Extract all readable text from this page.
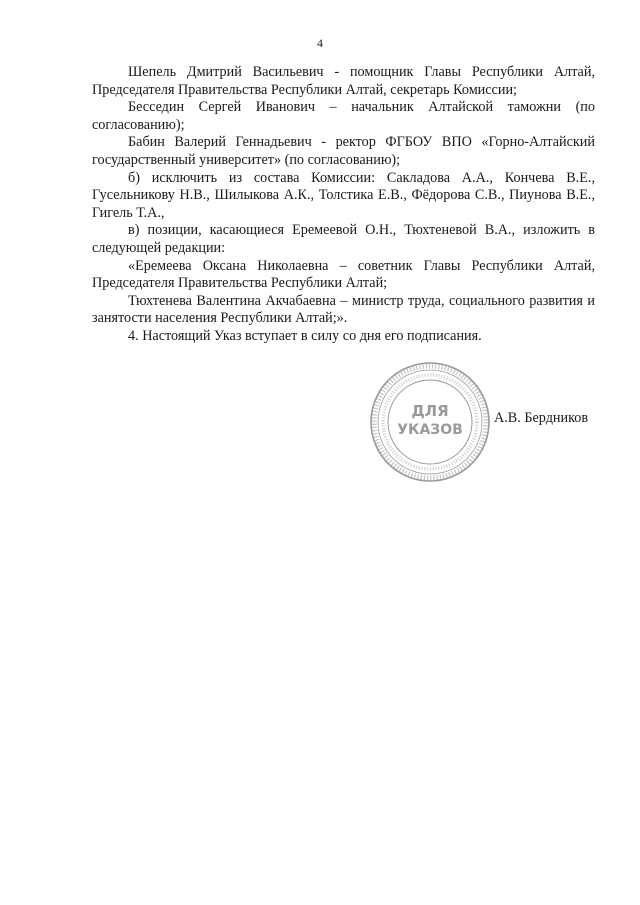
4

Шепель Дмитрий Васильевич - помощник Главы Республики Алтай, Председателя Правительства Республики Алтай, секретарь Комиссии;

Бесседин Сергей Иванович – начальник Алтайской таможни (по согласованию);

Бабин Валерий Геннадьевич - ректор ФГБОУ ВПО «Горно-Алтайский государственный университет» (по согласованию);

б) исключить из состава Комиссии: Сакладова А.А., Кончева В.Е., Гусельникову Н.В., Шилыкова А.К., Толстика Е.В., Фёдорова С.В., Пиунова В.Е., Гигель Т.А.,

в) позиции, касающиеся Еремеевой О.Н., Тюхтеневой В.А., изложить в следующей редакции:

«Еремеева Оксана Николаевна – советник Главы Республики Алтай, Председателя Правительства Республики Алтай;

Тюхтенева Валентина Акчабаевна – министр труда, социального развития и занятости населения Республики Алтай;».

4. Настоящий Указ вступает в силу со дня его подписания.

ДЛЯ
УКАЗОВ
А.В. Бердников
